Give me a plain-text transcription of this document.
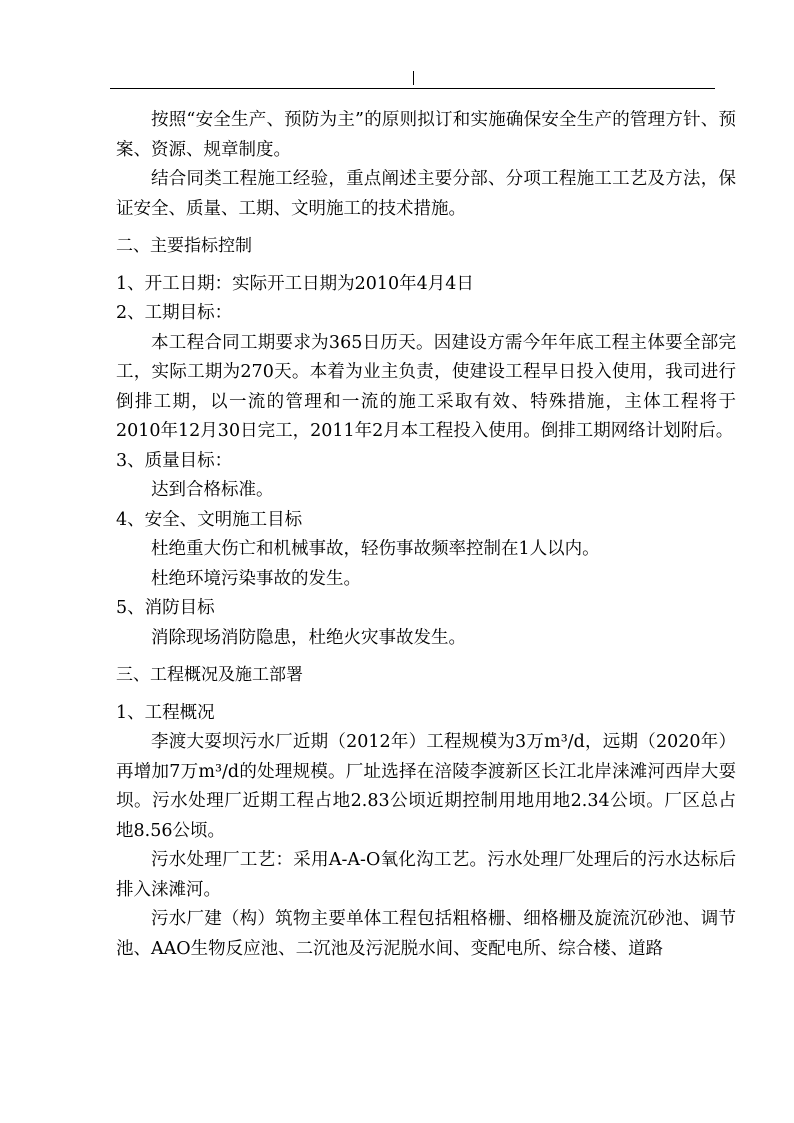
按照“安全生产、预防为主”的原则拟订和实施确保安全生产的管理方针、预案、资源、规章制度。

结合同类工程施工经验，重点阐述主要分部、分项工程施工工艺及方法，保证安全、质量、工期、文明施工的技术措施。

二、主要指标控制

1、开工日期：实际开工日期为2010年4月4日

2、工期目标：

本工程合同工期要求为365日历天。因建设方需今年年底工程主体要全部完工，实际工期为270天。本着为业主负责，使建设工程早日投入使用，我司进行倒排工期，以一流的管理和一流的施工采取有效、特殊措施，主体工程将于2010年12月30日完工，2011年2月本工程投入使用。倒排工期网络计划附后。

3、质量目标：

达到合格标准。

4、安全、文明施工目标

杜绝重大伤亡和机械事故，轻伤事故频率控制在1人以内。

杜绝环境污染事故的发生。

5、消防目标

消除现场消防隐患，杜绝火灾事故发生。

三、工程概况及施工部署

1、工程概况

李渡大耍坝污水厂近期（2012年）工程规模为3万m³/d，远期（2020年）再增加7万m³/d的处理规模。厂址选择在涪陵李渡新区长江北岸涞滩河西岸大耍坝。污水处理厂近期工程占地2.83公顷近期控制用地用地2.34公顷。厂区总占地8.56公顷。

污水处理厂工艺：采用A-A-O氧化沟工艺。污水处理厂处理后的污水达标后排入涞滩河。

污水厂建（构）筑物主要单体工程包括粗格栅、细格栅及旋流沉砂池、调节池、AAO生物反应池、二沉池及污泥脱水间、变配电所、综合楼、道路
